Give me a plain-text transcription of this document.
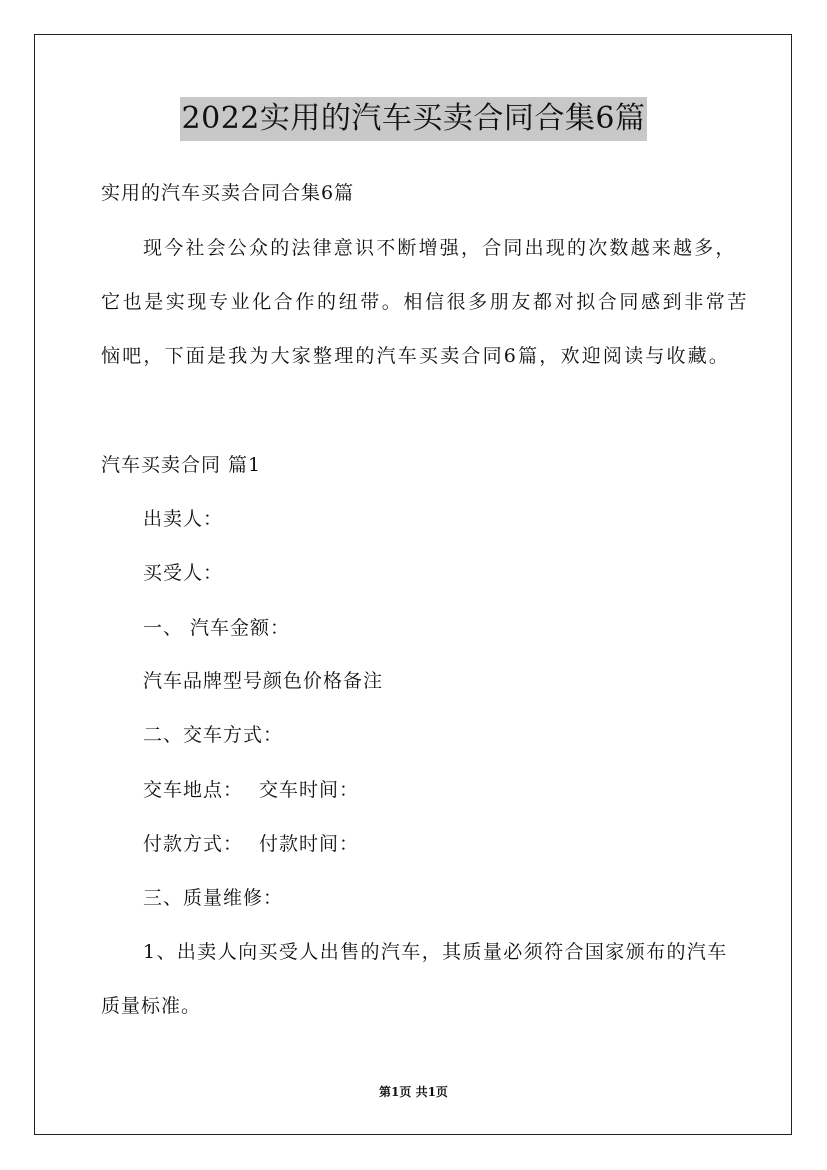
2022实用的汽车买卖合同合集6篇
实用的汽车买卖合同合集6篇
现今社会公众的法律意识不断增强，合同出现的次数越来越多，
它也是实现专业化合作的纽带。相信很多朋友都对拟合同感到非常苦
恼吧，下面是我为大家整理的汽车买卖合同6篇，欢迎阅读与收藏。
汽车买卖合同 篇1
出卖人：
买受人：
一、 汽车金额：
汽车品牌型号颜色价格备注
二、交车方式：
交车地点： 交车时间：
付款方式： 付款时间：
三、质量维修：
1、出卖人向买受人出售的汽车，其质量必须符合国家颁布的汽车
质量标准。
第1页 共1页
